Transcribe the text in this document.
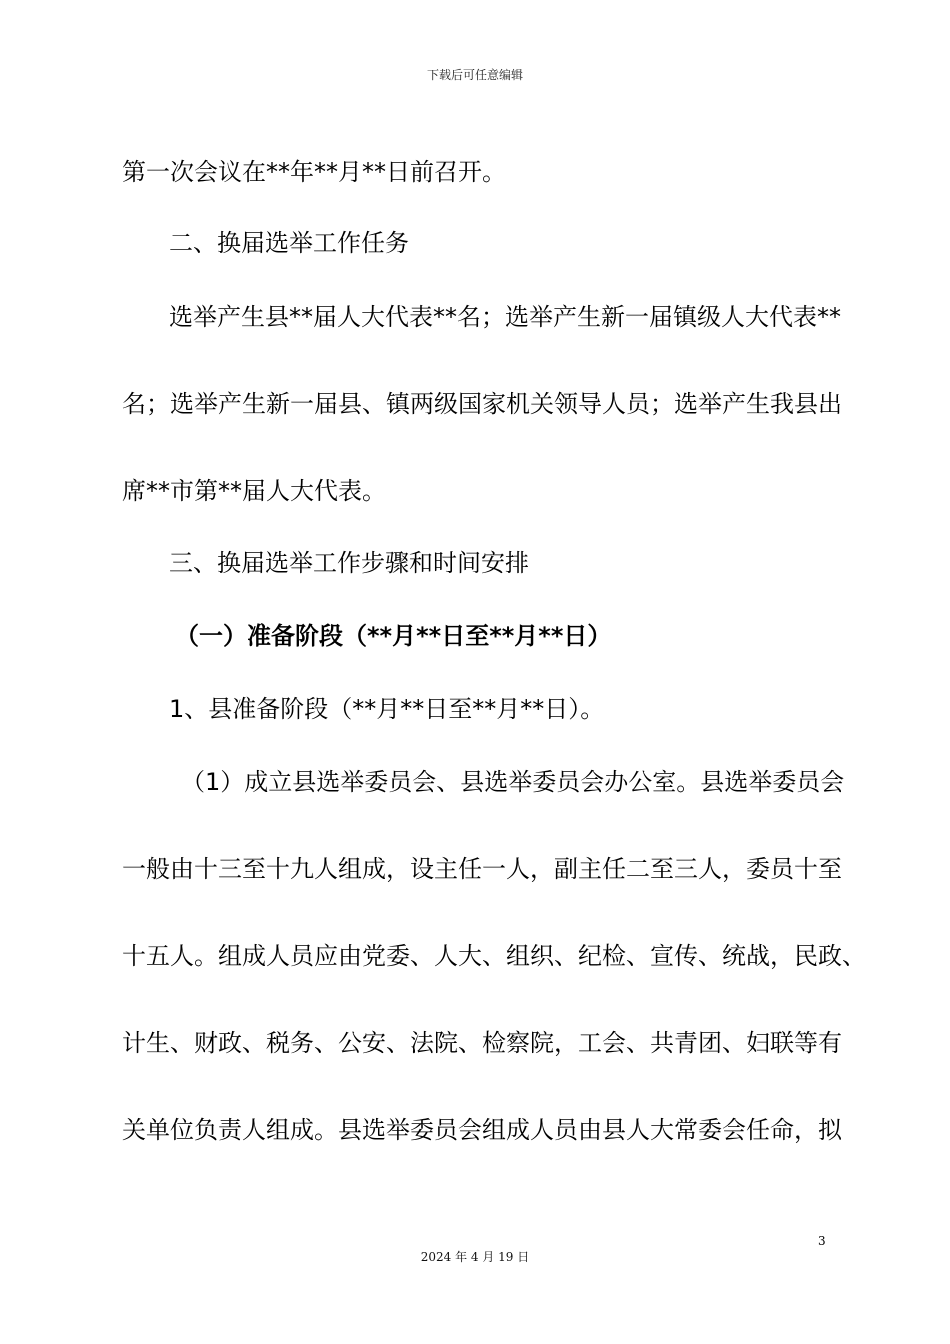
下载后可任意编辑
第一次会议在**年**月**日前召开。
二、换届选举工作任务
选举产生县**届人大代表**名；选举产生新一届镇级人大代表**
名；选举产生新一届县、镇两级国家机关领导人员；选举产生我县出
席**市第**届人大代表。
三、换届选举工作步骤和时间安排
（一）准备阶段（**月**日至**月**日）
1、县准备阶段（**月**日至**月**日）。
（1）成立县选举委员会、县选举委员会办公室。县选举委员会
一般由十三至十九人组成，设主任一人，副主任二至三人，委员十至
十五人。组成人员应由党委、人大、组织、纪检、宣传、统战，民政、
计生、财政、税务、公安、法院、检察院，工会、共青团、妇联等有
关单位负责人组成。县选举委员会组成人员由县人大常委会任命，拟
3
2024 年 4 月 19 日
